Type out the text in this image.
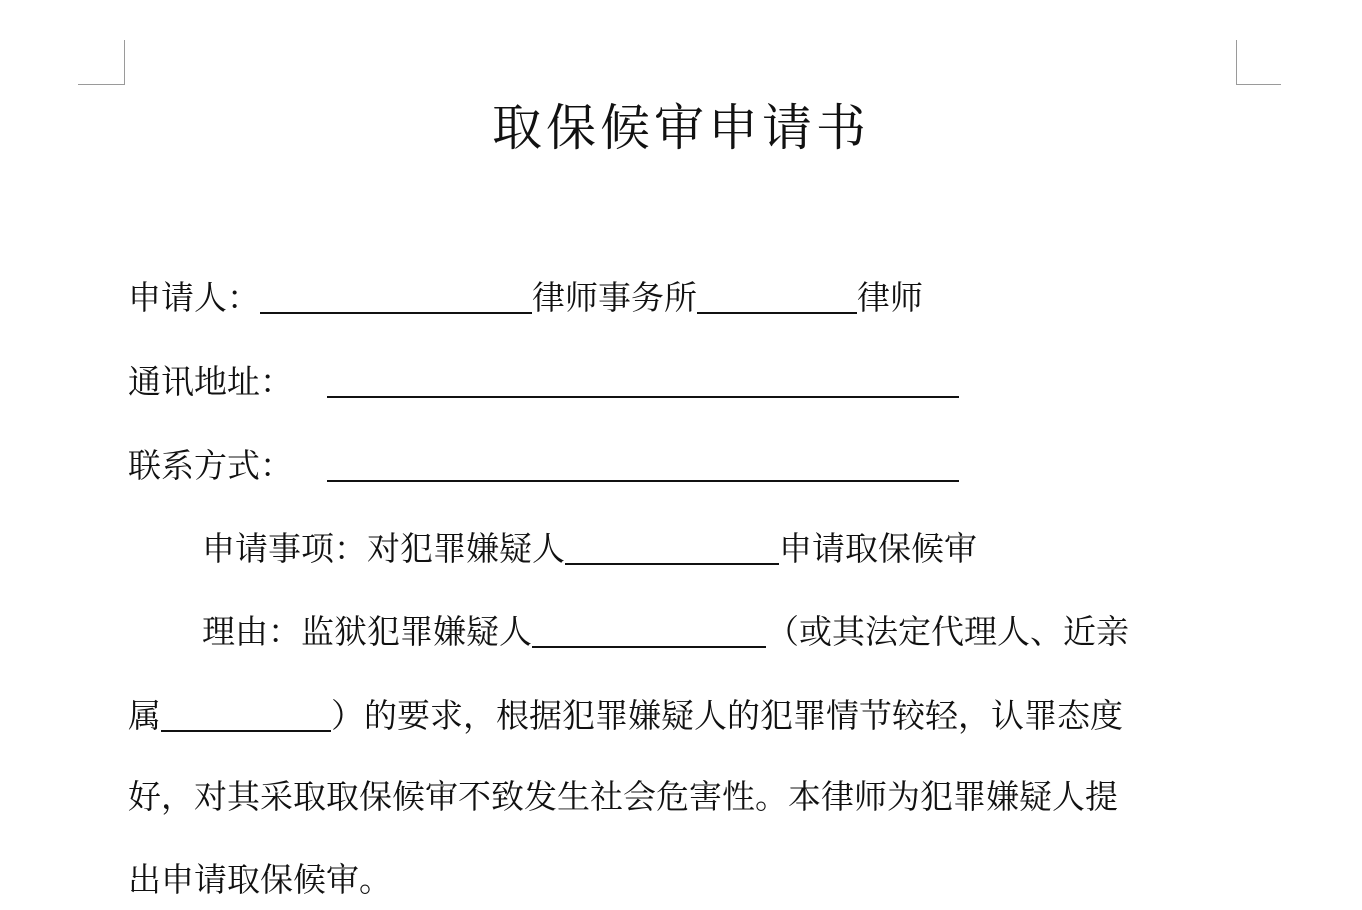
取保候审申请书
申请人：	律师事务所	律师
通讯地址：
联系方式：
申请事项：对犯罪嫌疑人	申请取保候审
理由：监狱犯罪嫌疑人	（或其法定代理人、近亲
属	）的要求，根据犯罪嫌疑人的犯罪情节较轻，认罪态度
好，对其采取取保候审不致发生社会危害性。本律师为犯罪嫌疑人提
出申请取保候审。
